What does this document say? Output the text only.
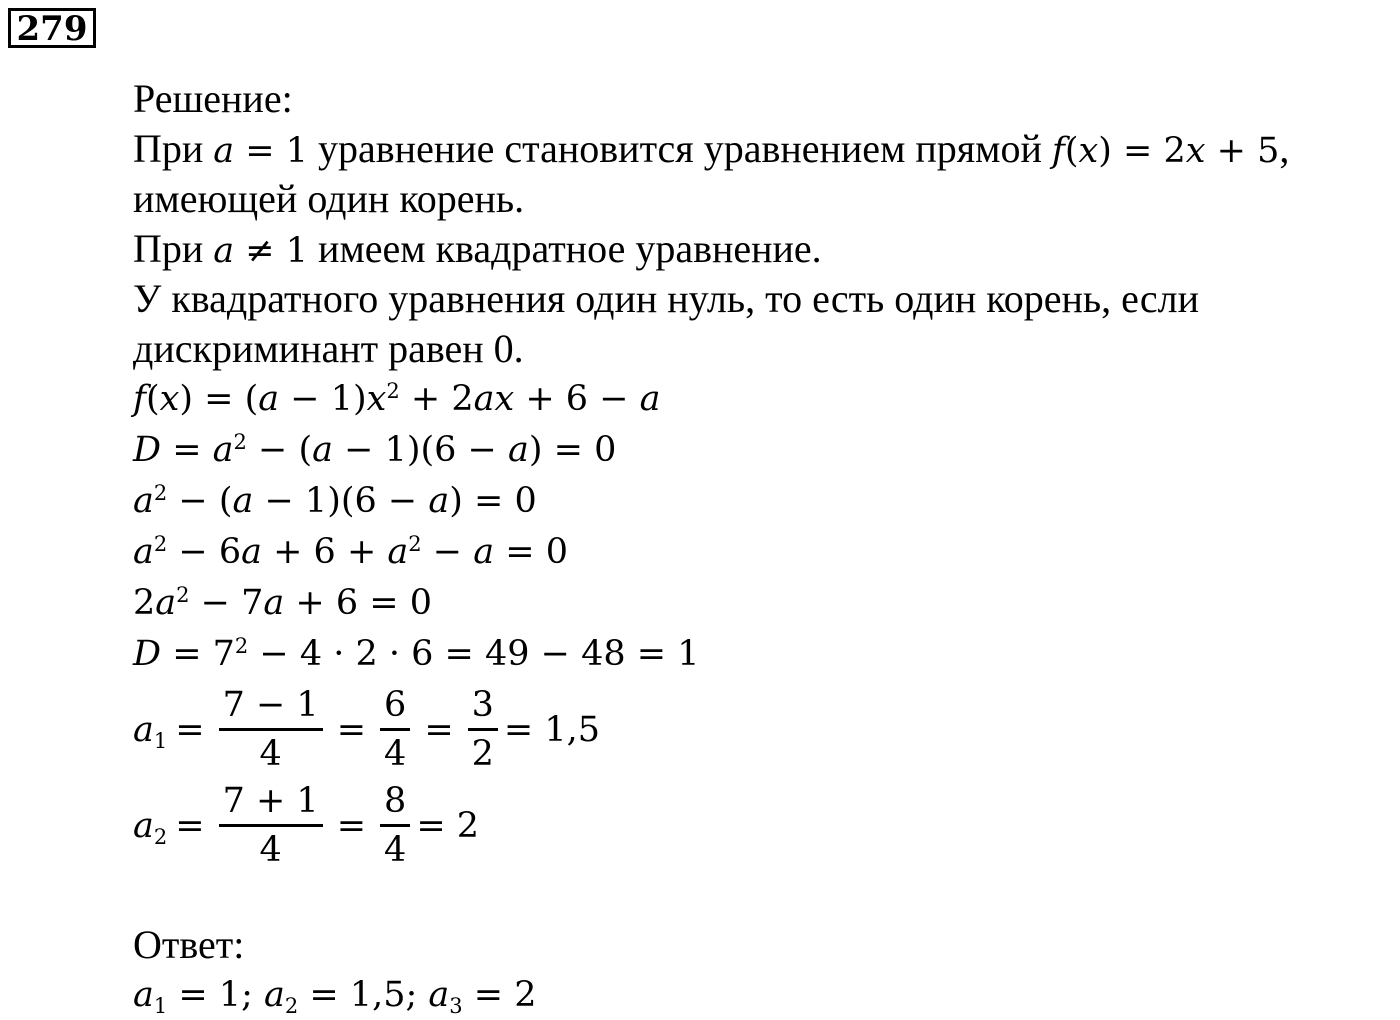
279
Решение:
При a = 1 уравнение становится уравнением прямой f(x) = 2x + 5,
имеющей один корень.
При a ≠ 1 имеем квадратное уравнение.
У квадратного уравнения один нуль, то есть один корень, если
дискриминант равен 0.
$f(x) = (a - 1)x^2 + 2ax + 6 - a$
$D = a^2 - (a - 1)(6 - a) = 0$
$a^2 - (a - 1)(6 - a) = 0$
$a^2 - 6a + 6 + a^2 - a = 0$
$2a^2 - 7a + 6 = 0$
$D = 7^2 - 4 \cdot 2 \cdot 6 = 49 - 48 = 1$
$a_1 = \frac{7 - 1}{4} = \frac{6}{4} = \frac{3}{2} = 1,5$
$a_2 = \frac{7 + 1}{4} = \frac{8}{4} = 2$
Ответ:
$a_1 = 1$; $a_2 = 1,5$; $a_3 = 2$
